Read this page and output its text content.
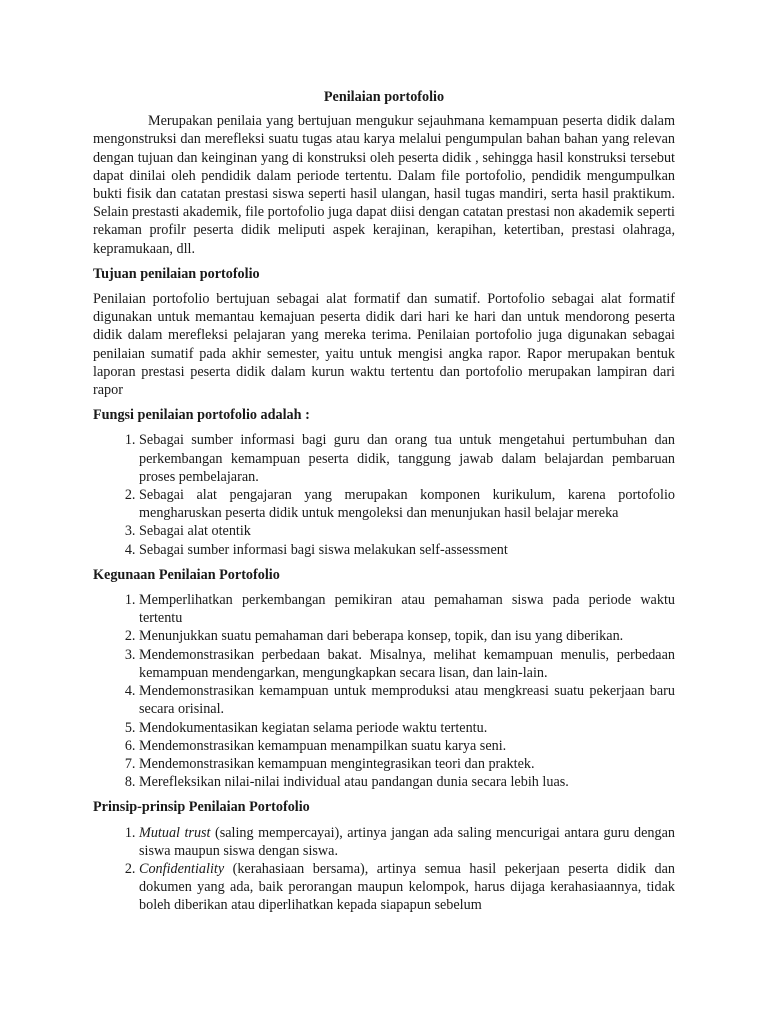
Penilaian portofolio

Merupakan penilaia yang bertujuan mengukur sejauhmana kemampuan peserta didik dalam mengonstruksi dan merefleksi suatu tugas atau karya melalui pengumpulan bahan bahan yang relevan dengan tujuan dan keinginan yang di konstruksi oleh peserta didik , sehingga hasil konstruksi tersebut dapat dinilai oleh pendidik dalam periode tertentu. Dalam file portofolio, pendidik mengumpulkan bukti fisik dan catatan prestasi siswa seperti hasil ulangan, hasil tugas mandiri, serta hasil praktikum. Selain prestasti akademik, file portofolio juga dapat diisi dengan catatan prestasi non akademik seperti rekaman profilr peserta didik meliputi aspek kerajinan, kerapihan, ketertiban, prestasi olahraga, kepramukaan, dll.

Tujuan penilaian portofolio

Penilaian portofolio bertujuan sebagai alat formatif dan sumatif. Portofolio sebagai alat formatif digunakan untuk memantau kemajuan peserta didik dari hari ke hari dan untuk mendorong peserta didik dalam merefleksi pelajaran yang mereka terima. Penilaian portofolio juga digunakan sebagai penilaian sumatif pada akhir semester, yaitu untuk mengisi angka rapor. Rapor merupakan bentuk laporan prestasi peserta didik dalam kurun waktu tertentu dan portofolio merupakan lampiran dari rapor

Fungsi penilaian portofolio adalah :

1. Sebagai sumber informasi bagi guru dan orang tua untuk mengetahui pertumbuhan dan perkembangan kemampuan peserta didik, tanggung jawab dalam belajardan pembaruan proses pembelajaran.
2. Sebagai alat pengajaran yang merupakan komponen kurikulum, karena portofolio mengharuskan peserta didik untuk mengoleksi dan menunjukan hasil belajar mereka
3. Sebagai alat otentik
4. Sebagai sumber informasi bagi siswa melakukan self-assessment

Kegunaan Penilaian Portofolio

1. Memperlihatkan perkembangan pemikiran atau pemahaman siswa pada periode waktu tertentu
2. Menunjukkan suatu pemahaman dari beberapa konsep, topik, dan isu yang diberikan.
3. Mendemonstrasikan perbedaan bakat. Misalnya, melihat kemampuan menulis, perbedaan kemampuan mendengarkan, mengungkapkan secara lisan, dan lain-lain.
4. Mendemonstrasikan kemampuan untuk memproduksi atau mengkreasi suatu pekerjaan baru secara orisinal.
5. Mendokumentasikan kegiatan selama periode waktu tertentu.
6. Mendemonstrasikan kemampuan menampilkan suatu karya seni.
7. Mendemonstrasikan kemampuan mengintegrasikan teori dan praktek.
8. Merefleksikan nilai-nilai individual atau pandangan dunia secara lebih luas.

Prinsip-prinsip Penilaian Portofolio

1. Mutual trust (saling mempercayai), artinya jangan ada saling mencurigai antara guru dengan siswa maupun siswa dengan siswa.
2. Confidentiality (kerahasiaan bersama), artinya semua hasil pekerjaan peserta didik dan dokumen yang ada, baik perorangan maupun kelompok, harus dijaga kerahasiaannya, tidak boleh diberikan atau diperlihatkan kepada siapapun sebelum
